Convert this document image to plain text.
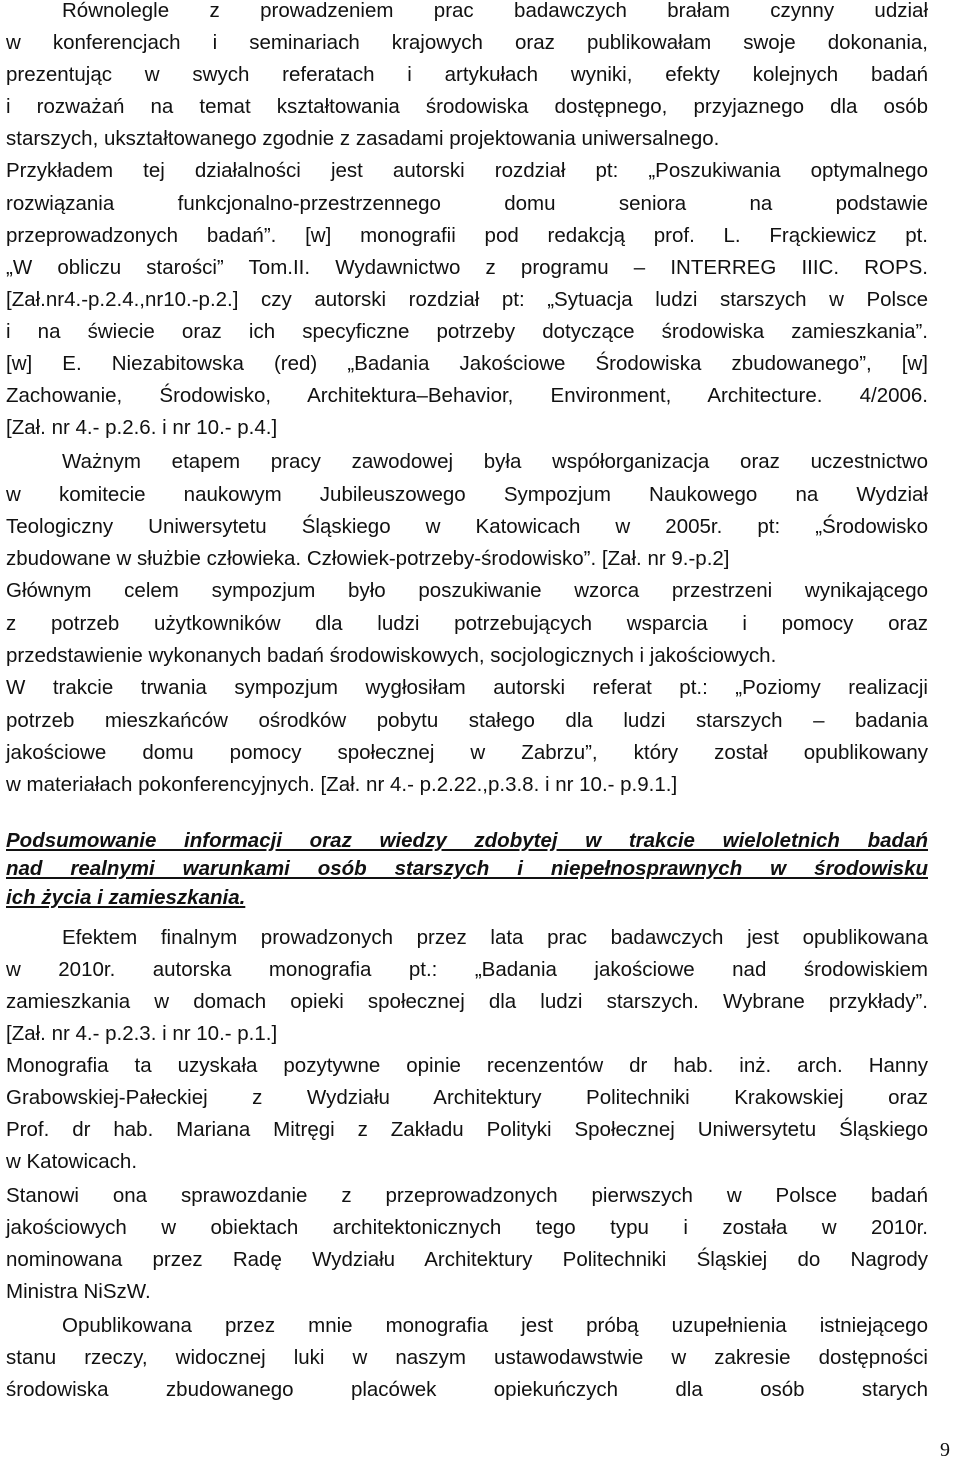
Równolegle z prowadzeniem prac badawczych brałam czynny udział
w konferencjach i seminariach krajowych oraz publikowałam swoje dokonania,
prezentując w swych referatach i artykułach wyniki, efekty kolejnych badań
i rozważań na temat kształtowania środowiska dostępnego, przyjaznego dla osób
starszych, ukształtowanego zgodnie z zasadami projektowania uniwersalnego.
Przykładem tej działalności jest autorski rozdział pt: „Poszukiwania optymalnego
rozwiązania funkcjonalno-przestrzennego domu seniora na podstawie
przeprowadzonych badań”. [w] monografii pod redakcją prof. L. Frąckiewicz pt.
„W obliczu starości” Tom.II. Wydawnictwo z programu – INTERREG IIIC. ROPS.
[Zał.nr4.-p.2.4.,nr10.-p.2.] czy autorski rozdział pt: „Sytuacja ludzi starszych w Polsce
i na świecie oraz ich specyficzne potrzeby dotyczące środowiska zamieszkania”.
[w] E. Niezabitowska (red) „Badania Jakościowe Środowiska zbudowanego”, [w]
Zachowanie, Środowisko, Architektura–Behavior, Environment, Architecture. 4/2006.
[Zał. nr 4.- p.2.6. i nr 10.- p.4.]
Ważnym etapem pracy zawodowej była współorganizacja oraz uczestnictwo
w komitecie naukowym Jubileuszowego Sympozjum Naukowego na Wydział
Teologiczny Uniwersytetu Śląskiego w Katowicach w 2005r. pt: „Środowisko
zbudowane w służbie człowieka. Człowiek-potrzeby-środowisko”. [Zał. nr 9.-p.2]
Głównym celem sympozjum było poszukiwanie wzorca przestrzeni wynikającego
z potrzeb użytkowników dla ludzi potrzebujących wsparcia i pomocy oraz
przedstawienie wykonanych badań środowiskowych, socjologicznych i jakościowych.
W trakcie trwania sympozjum wygłosiłam autorski referat pt.: „Poziomy realizacji
potrzeb mieszkańców ośrodków pobytu stałego dla ludzi starszych – badania
jakościowe domu pomocy społecznej w Zabrzu”, który został opublikowany
w materiałach pokonferencyjnych. [Zał. nr 4.- p.2.22.,p.3.8. i nr 10.- p.9.1.]
Podsumowanie informacji oraz wiedzy zdobytej w trakcie wieloletnich badań
nad realnymi warunkami osób starszych i niepełnosprawnych w środowisku
ich życia i zamieszkania.
Efektem finalnym prowadzonych przez lata prac badawczych jest opublikowana
w 2010r. autorska monografia pt.: „Badania jakościowe nad środowiskiem
zamieszkania w domach opieki społecznej dla ludzi starszych. Wybrane przykłady”.
[Zał. nr 4.- p.2.3. i nr 10.- p.1.]
Monografia ta uzyskała pozytywne opinie recenzentów dr hab. inż. arch. Hanny
Grabowskiej-Pałeckiej z Wydziału Architektury Politechniki Krakowskiej oraz
Prof. dr hab. Mariana Mitręgi z Zakładu Polityki Społecznej Uniwersytetu Śląskiego
w Katowicach.
Stanowi ona sprawozdanie z przeprowadzonych pierwszych w Polsce badań
jakościowych w obiektach architektonicznych tego typu i została w 2010r.
nominowana przez Radę Wydziału Architektury Politechniki Śląskiej do Nagrody
Ministra NiSzW.
Opublikowana przez mnie monografia jest próbą uzupełnienia istniejącego
stanu rzeczy, widocznej luki w naszym ustawodawstwie w zakresie dostępności
środowiska zbudowanego placówek opiekuńczych dla osób starych
9
